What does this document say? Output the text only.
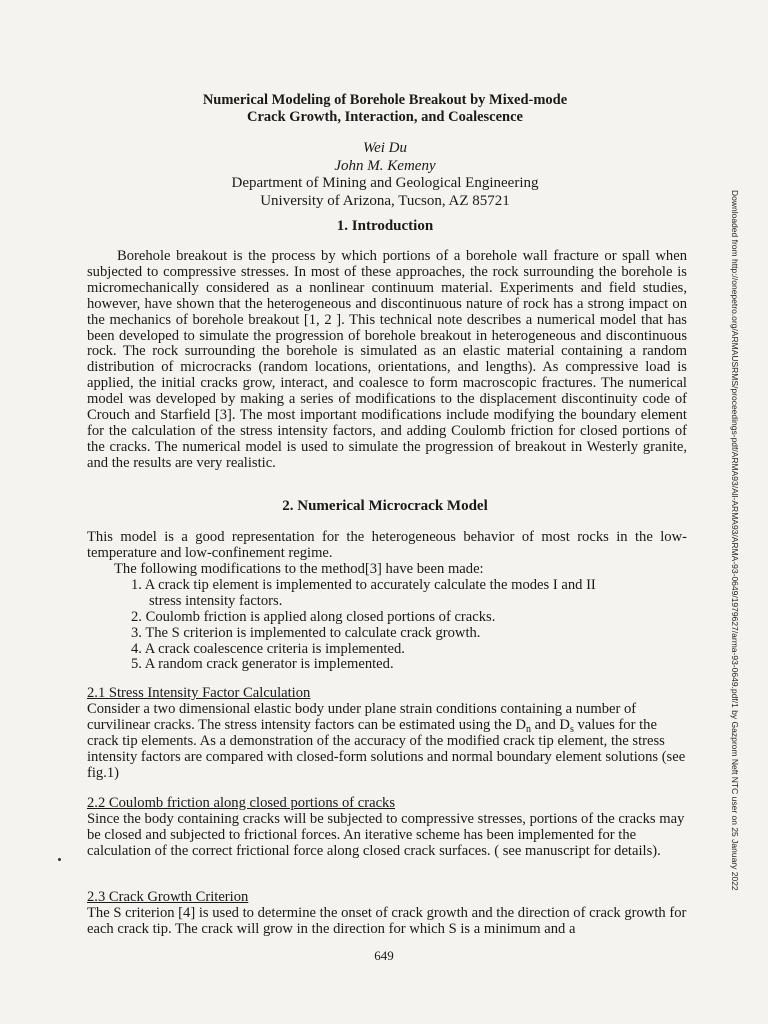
Numerical Modeling of Borehole Breakout by Mixed-mode
Crack Growth, Interaction, and Coalescence
Wei Du
John M. Kemeny
Department of Mining and Geological Engineering
University of Arizona, Tucson, AZ 85721
1. Introduction
Borehole breakout is the process by which portions of a borehole wall fracture or spall when subjected to compressive stresses. In most of these approaches, the rock surrounding the borehole is micromechanically considered as a nonlinear continuum material. Experiments and field studies, however, have shown that the heterogeneous and discontinuous nature of rock has a strong impact on the mechanics of borehole breakout [1, 2 ]. This technical note describes a numerical model that has been developed to simulate the progression of borehole breakout in heterogeneous and discontinuous rock. The rock surrounding the borehole is simulated as an elastic material containing a random distribution of microcracks (random locations, orientations, and lengths). As compressive load is applied, the initial cracks grow, interact, and coalesce to form macroscopic fractures. The numerical model was developed by making a series of modifications to the displacement discontinuity code of Crouch and Starfield [3]. The most important modifications include modifying the boundary element for the calculation of the stress intensity factors, and adding Coulomb friction for closed portions of the cracks. The numerical model is used to simulate the progression of breakout in Westerly granite, and the results are very realistic.
2. Numerical Microcrack Model
This model is a good representation for the heterogeneous behavior of most rocks in the low-temperature and low-confinement regime.
The following modifications to the method[3] have been made:
1. A crack tip element is implemented to accurately calculate the modes I and II
stress intensity factors.
2. Coulomb friction is applied along closed portions of cracks.
3. The S criterion is implemented to calculate crack growth.
4. A crack coalescence criteria is implemented.
5. A random crack generator is implemented.
2.1 Stress Intensity Factor Calculation
Consider a two dimensional elastic body under plane strain conditions containing a number of curvilinear cracks. The stress intensity factors can be estimated using the $D_n$ and $D_s$ values for the crack tip elements. As a demonstration of the accuracy of the modified crack tip element, the stress intensity factors are compared with closed-form solutions and normal boundary element solutions (see fig.1)
2.2 Coulomb friction along closed portions of cracks
Since the body containing cracks will be subjected to compressive stresses, portions of the cracks may be closed and subjected to frictional forces. An iterative scheme has been implemented for the calculation of the correct frictional force along closed crack surfaces. ( see manuscript for details).
2.3 Crack Growth Criterion
The S criterion [4] is used to determine the onset of crack growth and the direction of crack growth for each crack tip. The crack will grow in the direction for which S is a minimum and a
649
Downloaded from http://onepetro.org/ARMAUSRMS/proceedings-pdf/ARMA93/All-ARMA93/ARMA-93-0649/1979627/arma-93-0649.pdf/1 by Gazprom Neft NTC user on 25 January 2022
